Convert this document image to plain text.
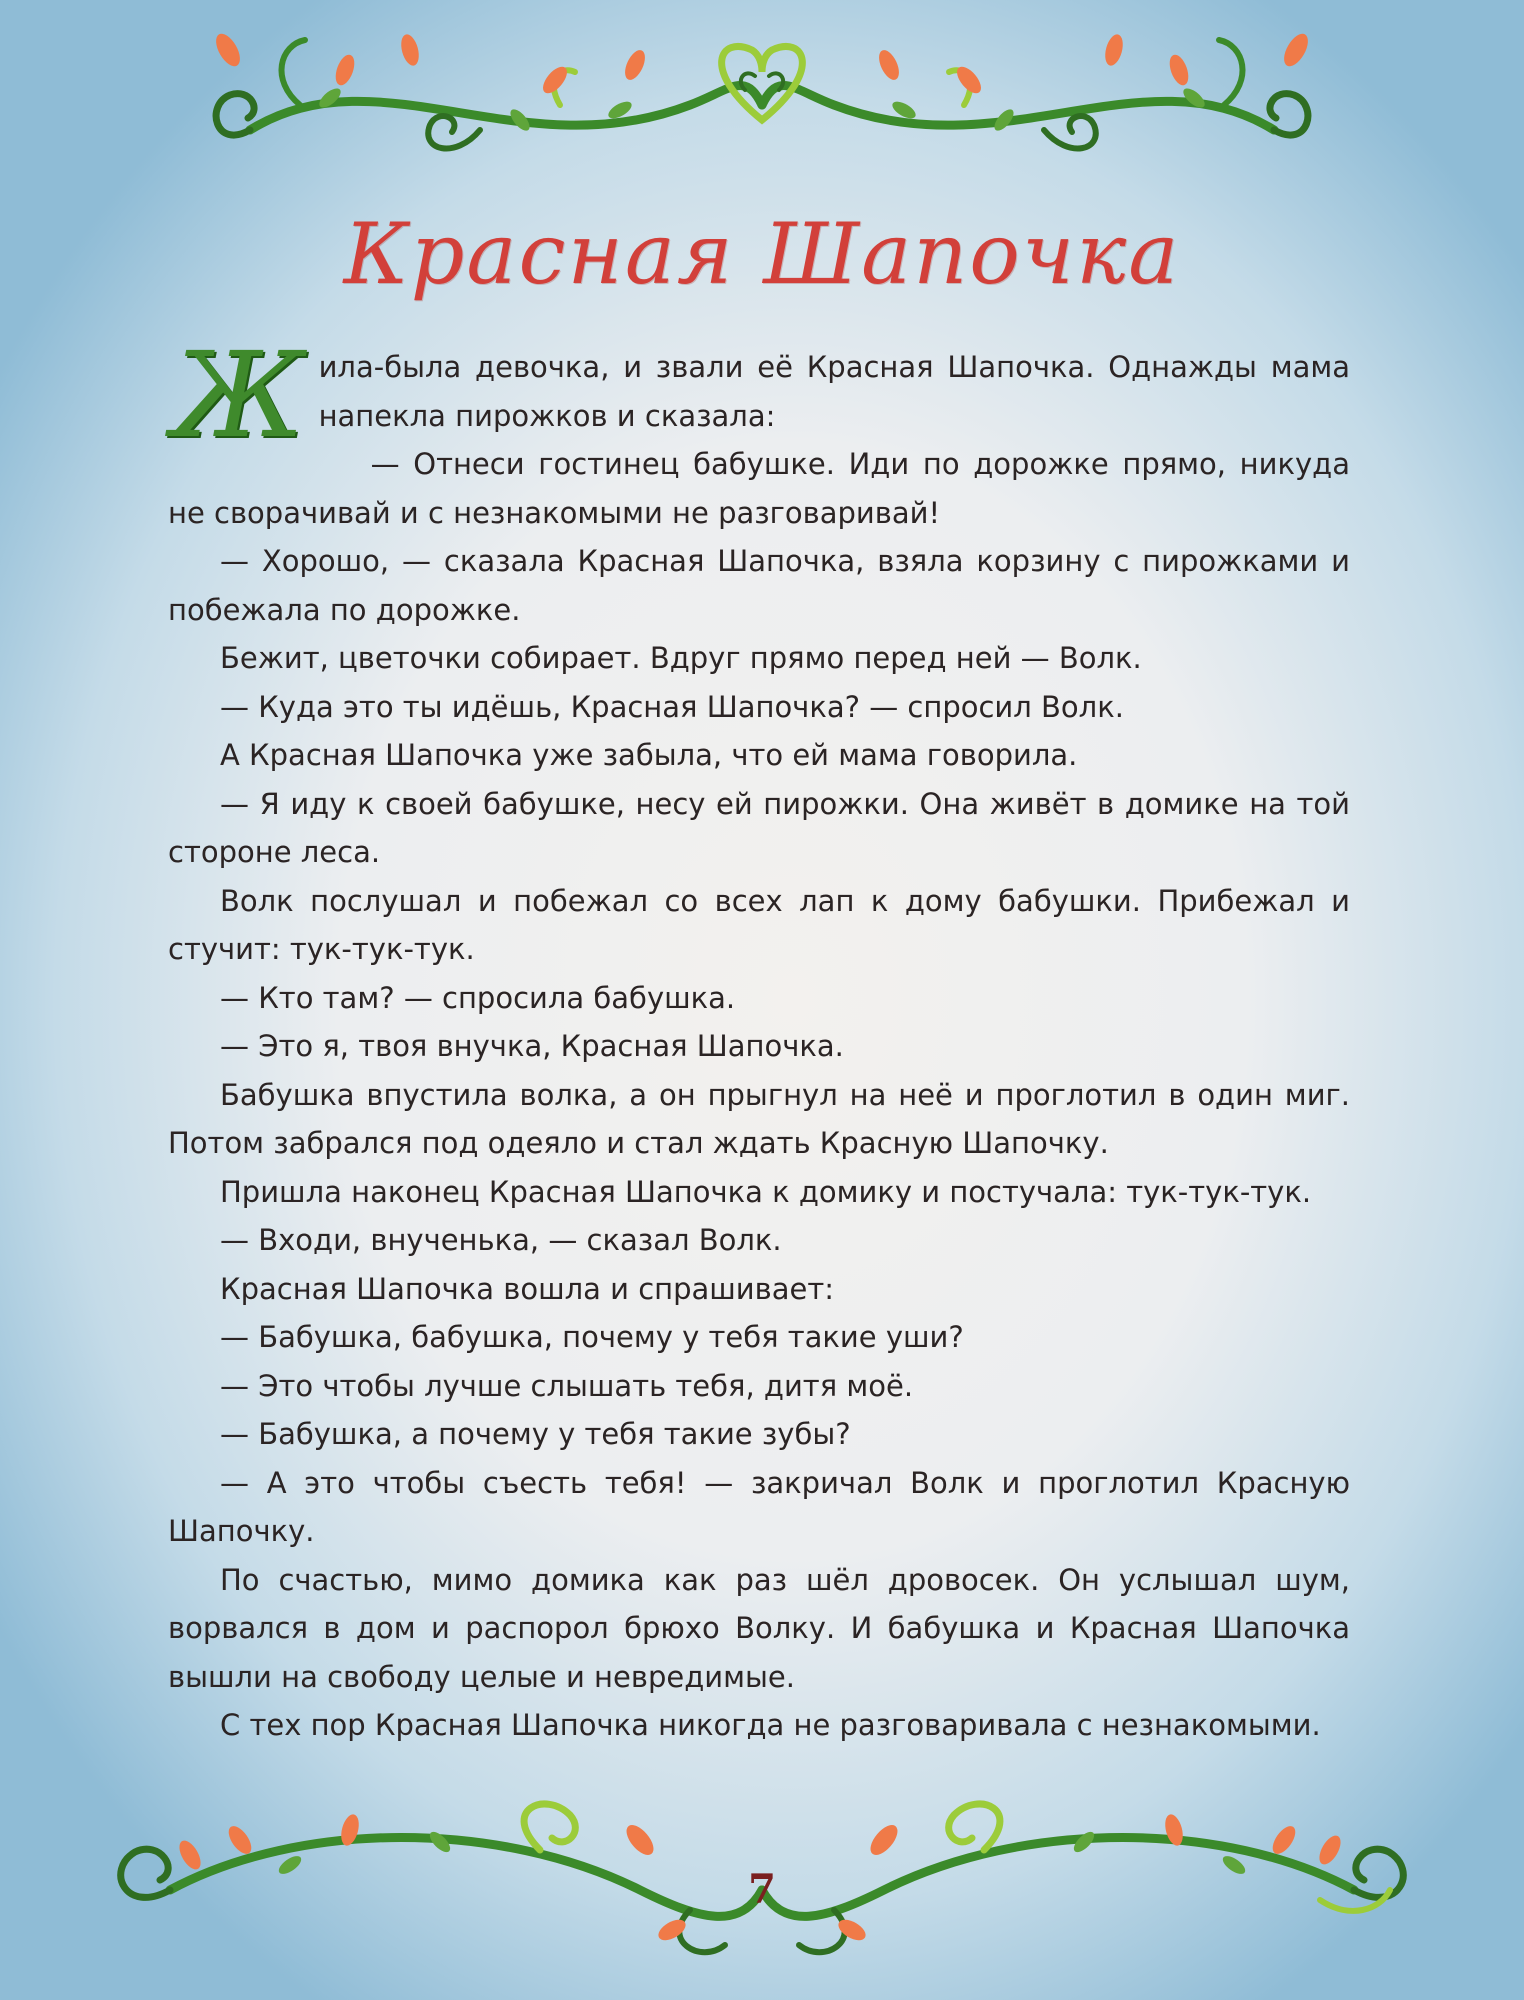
Красная Шапочка

Жила-была девочка, и звали её Красная Шапочка. Однажды мама напекла пирожков и сказала:

— Отнеси гостинец бабушке. Иди по дорожке прямо, никуда не сворачивай и с незнакомыми не разговаривай!

— Хорошо, — сказала Красная Шапочка, взяла корзину с пирожками и побежала по дорожке.

Бежит, цветочки собирает. Вдруг прямо перед ней — Волк.

— Куда это ты идёшь, Красная Шапочка? — спросил Волк.

А Красная Шапочка уже забыла, что ей мама говорила.

— Я иду к своей бабушке, несу ей пирожки. Она живёт в домике на той стороне леса.

Волк послушал и побежал со всех лап к дому бабушки. Прибежал и стучит: тук-тук-тук.

— Кто там? — спросила бабушка.

— Это я, твоя внучка, Красная Шапочка.

Бабушка впустила волка, а он прыгнул на неё и проглотил в один миг. Потом забрался под одеяло и стал ждать Красную Шапочку.

Пришла наконец Красная Шапочка к домику и постучала: тук-тук-тук.

— Входи, внученька, — сказал Волк.

Красная Шапочка вошла и спрашивает:

— Бабушка, бабушка, почему у тебя такие уши?

— Это чтобы лучше слышать тебя, дитя моё.

— Бабушка, а почему у тебя такие зубы?

— А это чтобы съесть тебя! — закричал Волк и проглотил Красную Шапочку.

По счастью, мимо домика как раз шёл дровосек. Он услышал шум, ворвался в дом и распорол брюхо Волку. И бабушка и Красная Шапочка вышли на свободу целые и невредимые.

С тех пор Красная Шапочка никогда не разговаривала с незнакомыми.

7
